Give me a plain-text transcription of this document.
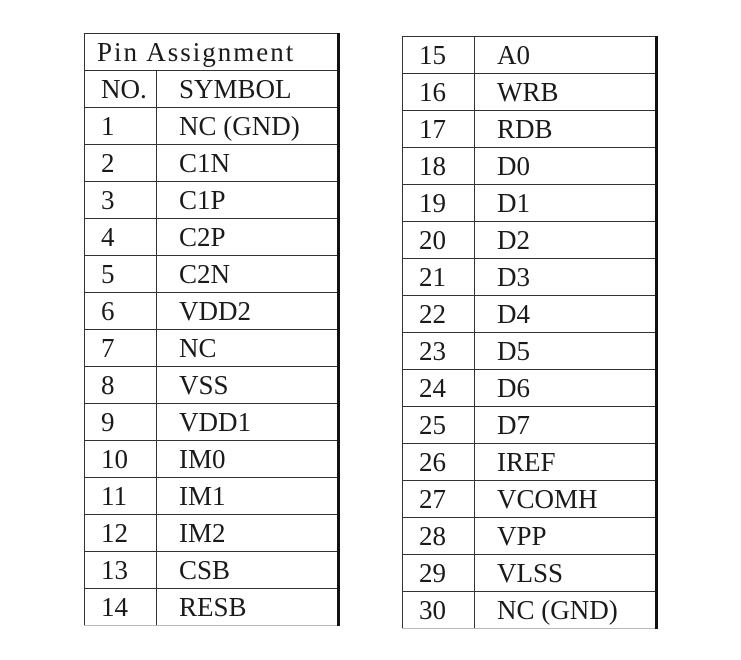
Pin Assignment	
NO.	SYMBOL
1	NC (GND)
2	C1N
3	C1P
4	C2P
5	C2N
6	VDD2
7	NC
8	VSS
9	VDD1
10	IM0
11	IM1
12	IM2
13	CSB
14	RESB
15	A0
16	WRB
17	RDB
18	D0
19	D1
20	D2
21	D3
22	D4
23	D5
24	D6
25	D7
26	IREF
27	VCOMH
28	VPP
29	VLSS
30	NC (GND)
